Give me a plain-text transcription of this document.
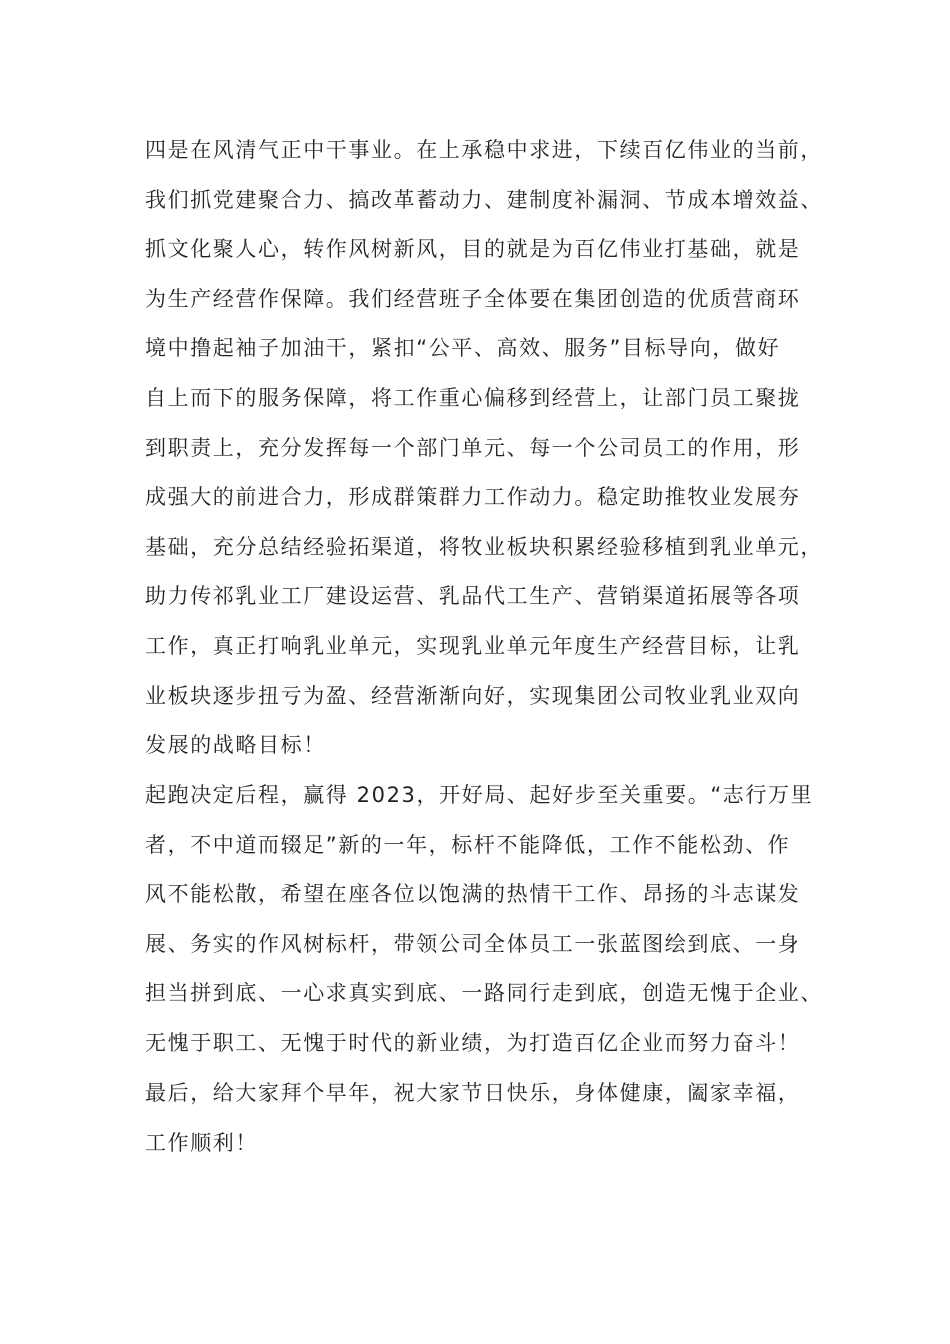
四是在风清气正中干事业。在上承稳中求进，下续百亿伟业的当前，
我们抓党建聚合力、搞改革蓄动力、建制度补漏洞、节成本增效益、
抓文化聚人心，转作风树新风，目的就是为百亿伟业打基础，就是
为生产经营作保障。我们经营班子全体要在集团创造的优质营商环
境中撸起袖子加油干，紧扣“公平、高效、服务”目标导向，做好
自上而下的服务保障，将工作重心偏移到经营上，让部门员工聚拢
到职责上，充分发挥每一个部门单元、每一个公司员工的作用，形
成强大的前进合力，形成群策群力工作动力。稳定助推牧业发展夯
基础，充分总结经验拓渠道，将牧业板块积累经验移植到乳业单元，
助力传祁乳业工厂建设运营、乳品代工生产、营销渠道拓展等各项
工作，真正打响乳业单元，实现乳业单元年度生产经营目标，让乳
业板块逐步扭亏为盈、经营渐渐向好，实现集团公司牧业乳业双向
发展的战略目标！
起跑决定后程，赢得 2023，开好局、起好步至关重要。“志行万里
者，不中道而辍足”新的一年，标杆不能降低，工作不能松劲、作
风不能松散，希望在座各位以饱满的热情干工作、昂扬的斗志谋发
展、务实的作风树标杆，带领公司全体员工一张蓝图绘到底、一身
担当拼到底、一心求真实到底、一路同行走到底，创造无愧于企业、
无愧于职工、无愧于时代的新业绩，为打造百亿企业而努力奋斗！
最后，给大家拜个早年，祝大家节日快乐，身体健康，阖家幸福，
工作顺利！
